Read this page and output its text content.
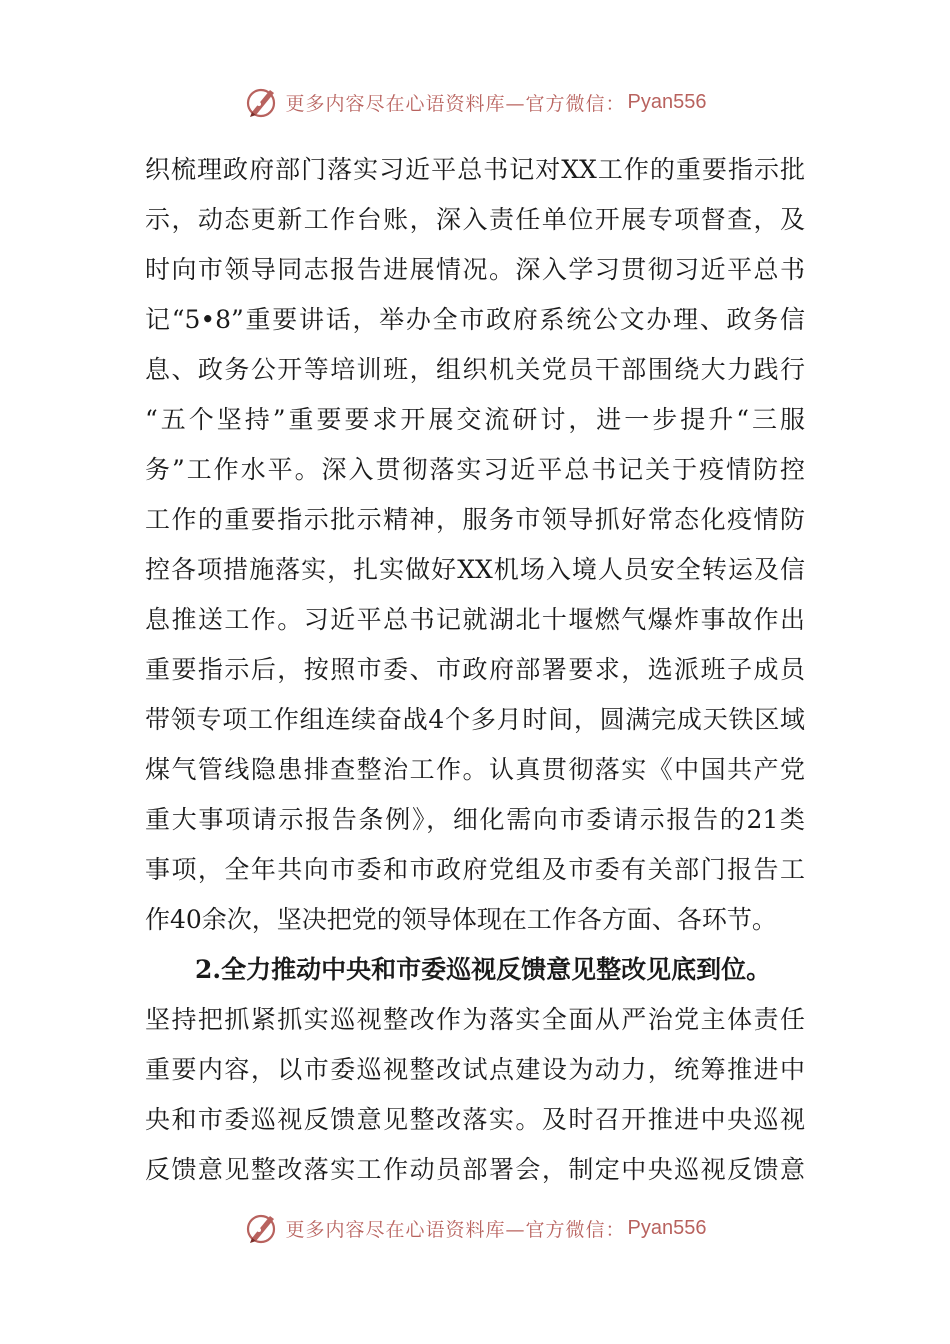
更多内容尽在心语资料库—官方微信： Pyan556
织梳理政府部门落实习近平总书记对XX工作的重要指示批
示，动态更新工作台账，深入责任单位开展专项督查，及
时向市领导同志报告进展情况。深入学习贯彻习近平总书
记“5•8”重要讲话，举办全市政府系统公文办理、政务信
息、政务公开等培训班，组织机关党员干部围绕大力践行
“五个坚持”重要要求开展交流研讨，进一步提升“三服
务”工作水平。深入贯彻落实习近平总书记关于疫情防控
工作的重要指示批示精神，服务市领导抓好常态化疫情防
控各项措施落实，扎实做好XX机场入境人员安全转运及信
息推送工作。习近平总书记就湖北十堰燃气爆炸事故作出
重要指示后，按照市委、市政府部署要求，选派班子成员
带领专项工作组连续奋战4个多月时间，圆满完成天铁区域
煤气管线隐患排查整治工作。认真贯彻落实《中国共产党
重大事项请示报告条例》，细化需向市委请示报告的21类
事项，全年共向市委和市政府党组及市委有关部门报告工
作40余次，坚决把党的领导体现在工作各方面、各环节。
2.全力推动中央和市委巡视反馈意见整改见底到位。
坚持把抓紧抓实巡视整改作为落实全面从严治党主体责任
重要内容，以市委巡视整改试点建设为动力，统筹推进中
央和市委巡视反馈意见整改落实。及时召开推进中央巡视
反馈意见整改落实工作动员部署会，制定中央巡视反馈意
更多内容尽在心语资料库—官方微信： Pyan556
